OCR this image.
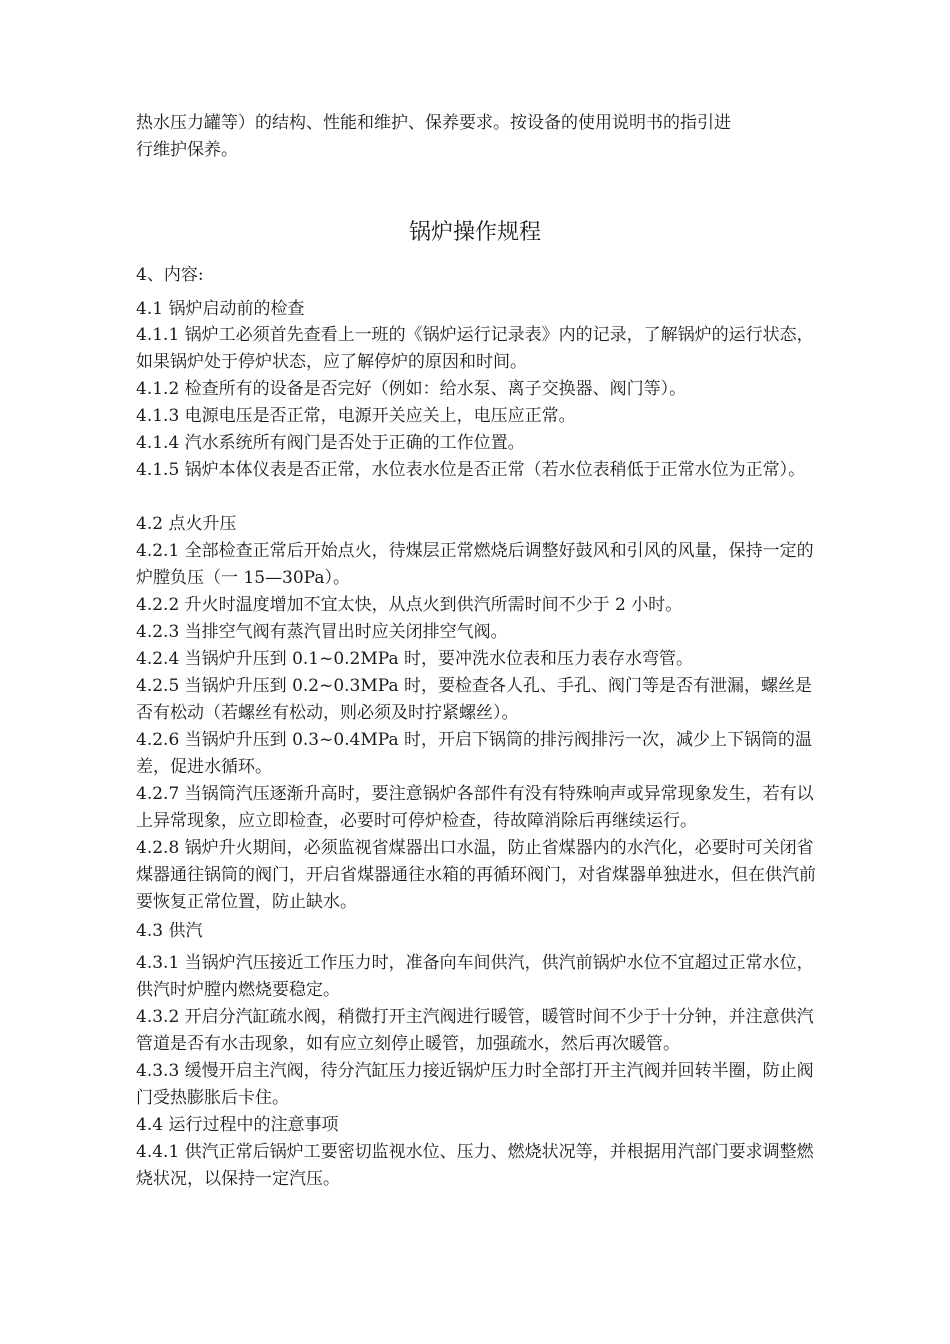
热水压力罐等）的结构、性能和维护、保养要求。按设备的使用说明书的指引进

行维护保养。

锅炉操作规程

4、内容:

4.1 锅炉启动前的检查

4.1.1 锅炉工必须首先查看上一班的《锅炉运行记录表》内的记录，了解锅炉的运行状态，如果锅炉处于停炉状态，应了解停炉的原因和时间。

4.1.2 检查所有的设备是否完好（例如：给水泵、离子交换器、阀门等）。

4.1.3 电源电压是否正常，电源开关应关上，电压应正常。

4.1.4 汽水系统所有阀门是否处于正确的工作位置。

4.1.5 锅炉本体仪表是否正常，水位表水位是否正常（若水位表稍低于正常水位为正常）。

4.2 点火升压

4.2.1 全部检查正常后开始点火，待煤层正常燃烧后调整好鼓风和引风的风量，保持一定的炉膛负压（一 15—30Pa）。

4.2.2 升火时温度增加不宜太快，从点火到供汽所需时间不少于 2 小时。

4.2.3 当排空气阀有蒸汽冒出时应关闭排空气阀。

4.2.4 当锅炉升压到 0.1~0.2MPa 时，要冲洗水位表和压力表存水弯管。

4.2.5 当锅炉升压到 0.2~0.3MPa 时，要检查各人孔、手孔、阀门等是否有泄漏，螺丝是否有松动（若螺丝有松动，则必须及时拧紧螺丝）。

4.2.6 当锅炉升压到 0.3~0.4MPa 时，开启下锅筒的排污阀排污一次，减少上下锅筒的温差，促进水循环。

4.2.7 当锅筒汽压逐渐升高时，要注意锅炉各部件有没有特殊响声或异常现象发生，若有以上异常现象，应立即检查，必要时可停炉检查，待故障消除后再继续运行。

4.2.8 锅炉升火期间，必须监视省煤器出口水温，防止省煤器内的水汽化，必要时可关闭省煤器通往锅筒的阀门，开启省煤器通往水箱的再循环阀门，对省煤器单独进水，但在供汽前要恢复正常位置，防止缺水。

4.3 供汽

4.3.1 当锅炉汽压接近工作压力时，准备向车间供汽，供汽前锅炉水位不宜超过正常水位，供汽时炉膛内燃烧要稳定。

4.3.2 开启分汽缸疏水阀，稍微打开主汽阀进行暖管，暖管时间不少于十分钟，并注意供汽管道是否有水击现象，如有应立刻停止暖管，加强疏水，然后再次暖管。

4.3.3 缓慢开启主汽阀，待分汽缸压力接近锅炉压力时全部打开主汽阀并回转半圈，防止阀门受热膨胀后卡住。

4.4 运行过程中的注意事项

4.4.1 供汽正常后锅炉工要密切监视水位、压力、燃烧状况等，并根据用汽部门要求调整燃烧状况，以保持一定汽压。
